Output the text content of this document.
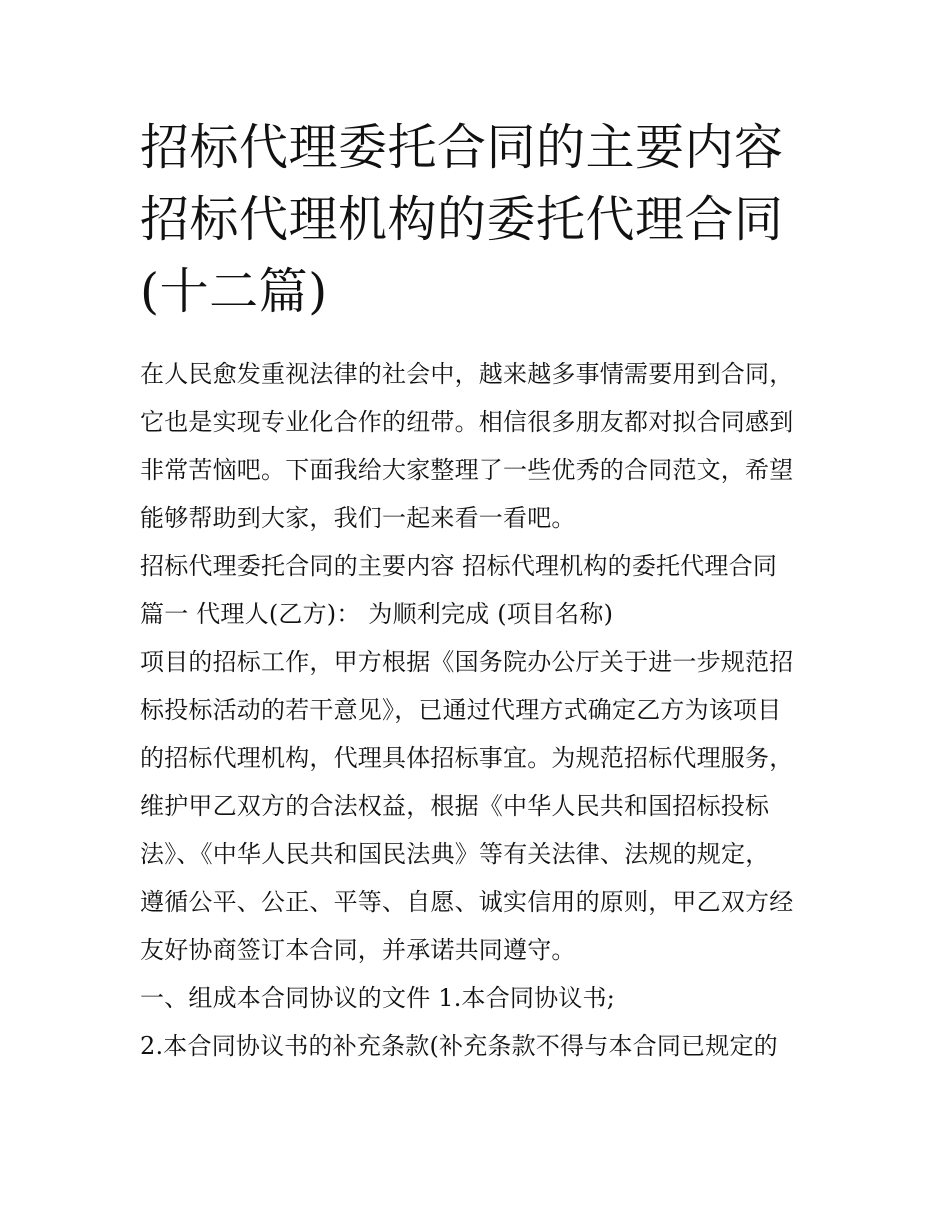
招标代理委托合同的主要内容
招标代理机构的委托代理合同
(十二篇)
在人民愈发重视法律的社会中，越来越多事情需要用到合同，
它也是实现专业化合作的纽带。相信很多朋友都对拟合同感到
非常苦恼吧。下面我给大家整理了一些优秀的合同范文，希望
能够帮助到大家，我们一起来看一看吧。
招标代理委托合同的主要内容 招标代理机构的委托代理合同
篇一 代理人(乙方)： 为顺利完成 (项目名称)
项目的招标工作，甲方根据《国务院办公厅关于进一步规范招
标投标活动的若干意见》，已通过代理方式确定乙方为该项目
的招标代理机构，代理具体招标事宜。为规范招标代理服务，
维护甲乙双方的合法权益，根据《中华人民共和国招标投标
法》、《中华人民共和国民法典》等有关法律、法规的规定，
遵循公平、公正、平等、自愿、诚实信用的原则，甲乙双方经
友好协商签订本合同，并承诺共同遵守。
一、组成本合同协议的文件 1.本合同协议书;
2.本合同协议书的补充条款(补充条款不得与本合同已规定的
